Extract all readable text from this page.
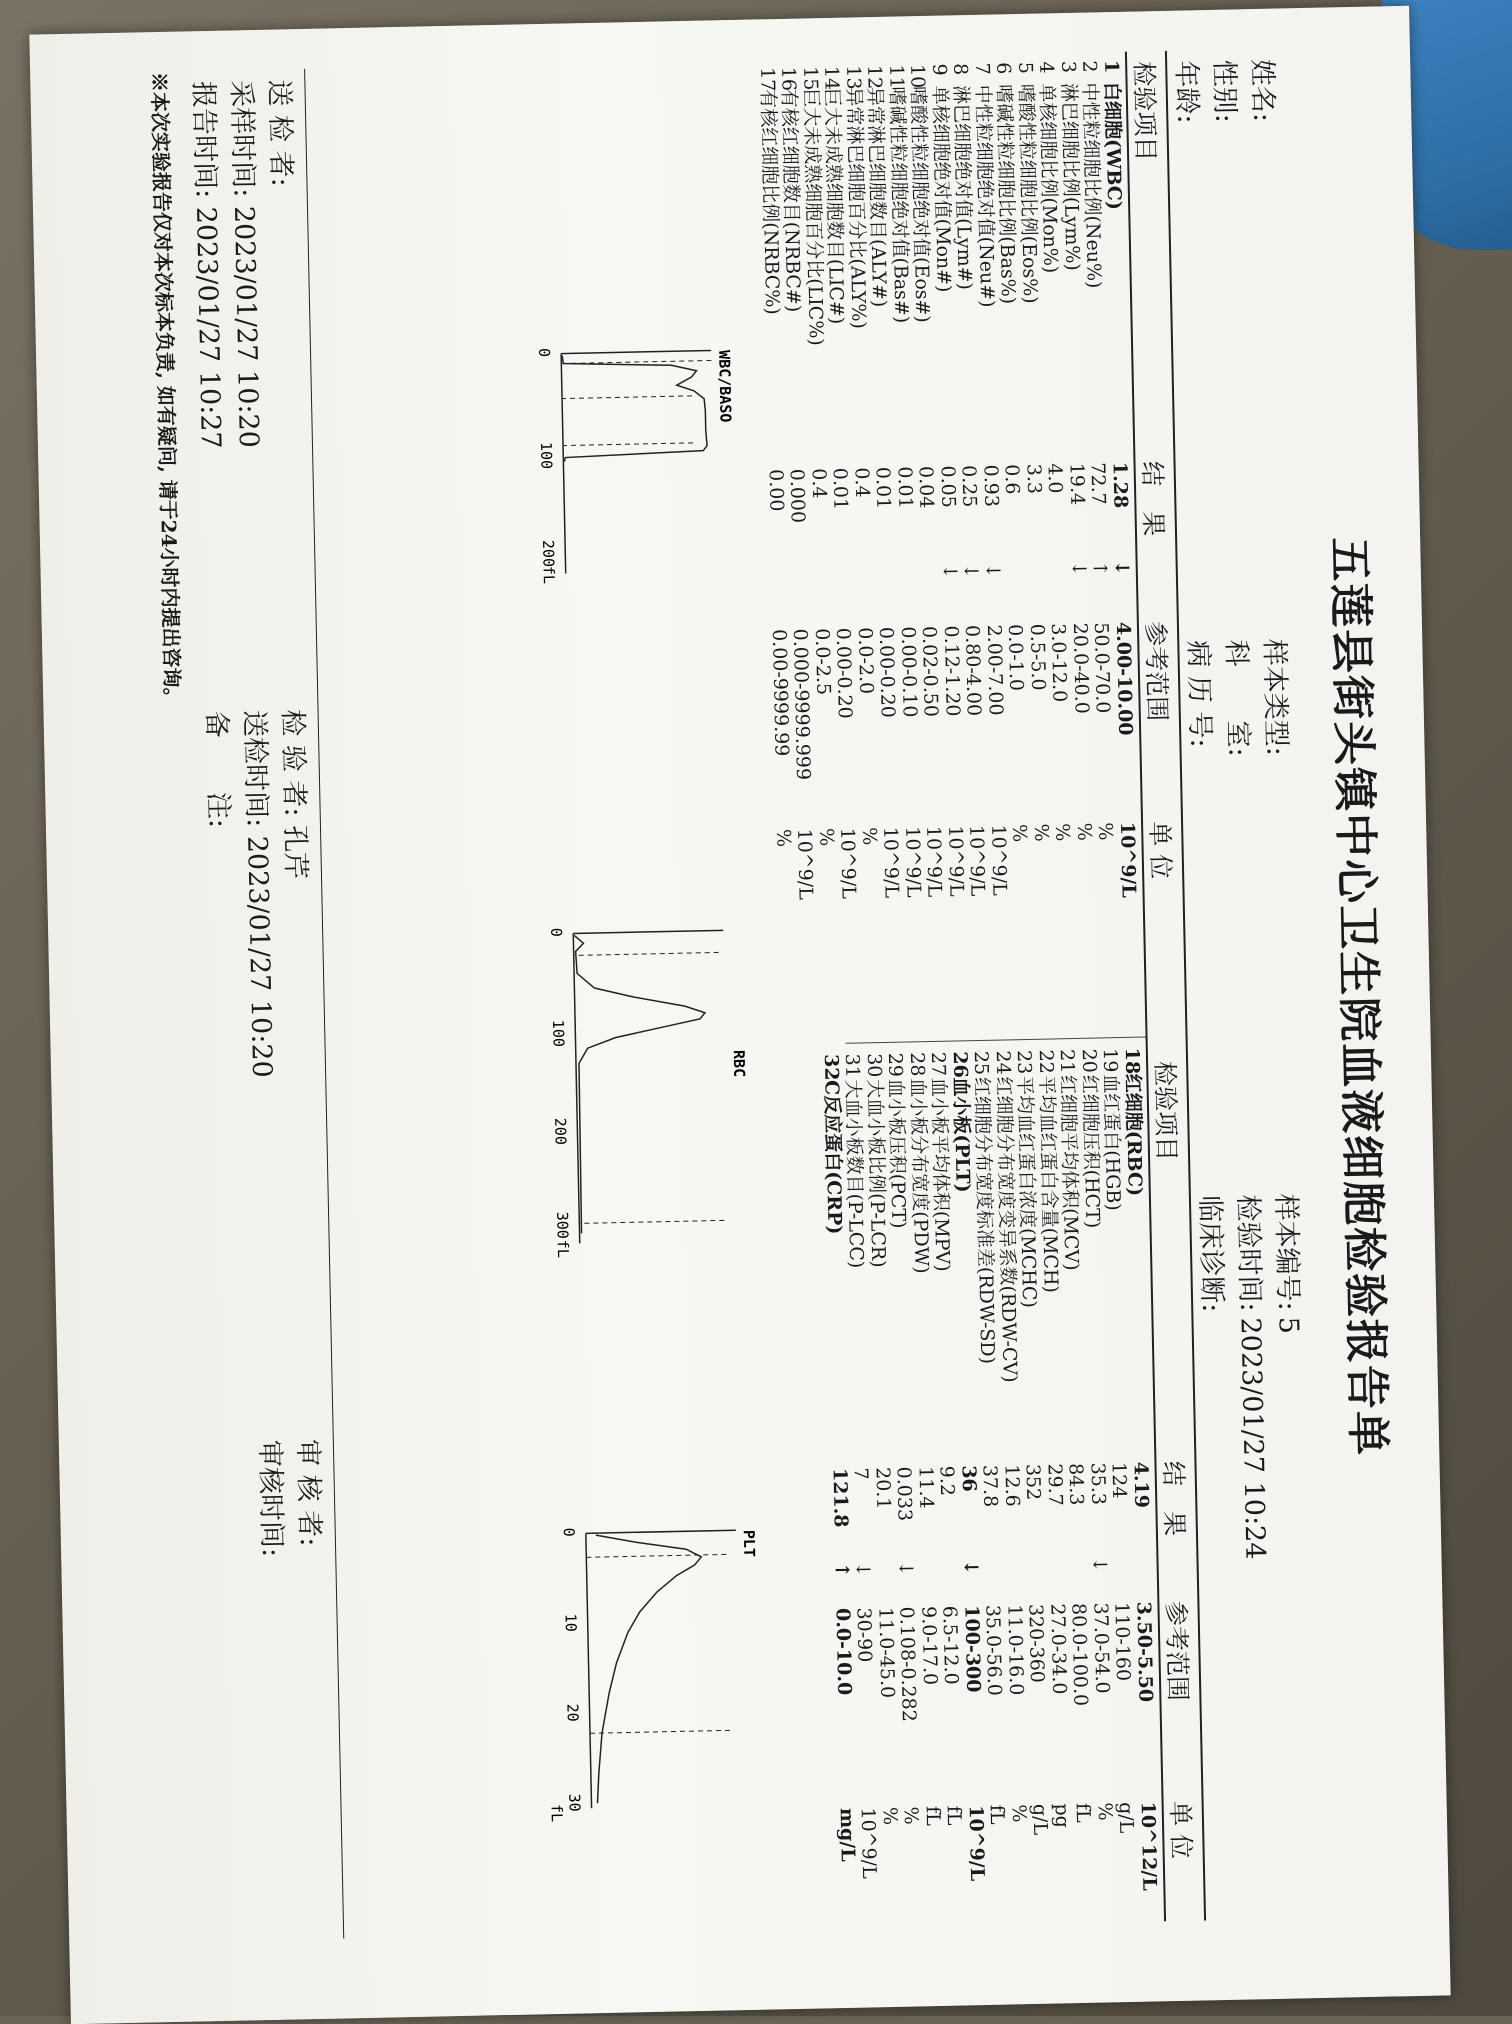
五莲县街头镇中心卫生院血液细胞检验报告单
姓名:
性别:
年龄:
样本类型:
科　　室:
病 历 号:
样本编号:5
检验时间:2023/01/27 10:24
临床诊断:
检验项目
结　果
参考范围
单 位
检验项目
结　果
参考范围
单 位
1
白细胞(WBC)
1.28
↓
4.00-10.00
10^9/L
2
中性粒细胞比例(Neu%)
72.7
↑
50.0-70.0
%
3
淋巴细胞比例(Lym%)
19.4
↓
20.0-40.0
%
4
单核细胞比例(Mon%)
4.0
3.0-12.0
%
5
嗜酸性粒细胞比例(Eos%)
3.3
0.5-5.0
%
6
嗜碱性粒细胞比例(Bas%)
0.6
0.0-1.0
%
7
中性粒细胞绝对值(Neu#)
0.93
↓
2.00-7.00
10^9/L
8
淋巴细胞绝对值(Lym#)
0.25
↓
0.80-4.00
10^9/L
9
单核细胞绝对值(Mon#)
0.05
↓
0.12-1.20
10^9/L
10
嗜酸性粒细胞绝对值(Eos#)
0.04
0.02-0.50
10^9/L
11
嗜碱性粒细胞绝对值(Bas#)
0.01
0.00-0.10
10^9/L
12
异常淋巴细胞数目(ALY#)
0.01
0.00-0.20
10^9/L
13
异常淋巴细胞百分比(ALY%)
0.4
0.0-2.0
%
14
巨大未成熟细胞数目(LIC#)
0.01
0.00-0.20
10^9/L
15
巨大未成熟细胞百分比(LIC%)
0.4
0.0-2.5
%
16
有核红细胞数目(NRBC#)
0.000
0.000-9999.999
10^9/L
17
有核红细胞比例(NRBC%)
0.00
0.00-9999.99
%
18
红细胞(RBC)
4.19
3.50-5.50
10^12/L
19
血红蛋白(HGB)
124
110-160
g/L
20
红细胞压积(HCT)
35.3
↓
37.0-54.0
%
21
红细胞平均体积(MCV)
84.3
80.0-100.0
fL
22
平均血红蛋白含量(MCH)
29.7
27.0-34.0
pg
23
平均血红蛋白浓度(MCHC)
352
320-360
g/L
24
红细胞分布宽度变异系数(RDW-CV)
12.6
11.0-16.0
%
25
红细胞分布宽度标准差(RDW-SD)
37.8
35.0-56.0
fL
26
血小板(PLT)
36
↓
100-300
10^9/L
27
血小板平均体积(MPV)
9.2
6.5-12.0
fL
28
血小板分布宽度(PDW)
11.4
9.0-17.0
fL
29
血小板压积(PCT)
0.033
↓
0.108-0.282
%
30
大血小板比例(P-LCR)
20.1
11.0-45.0
%
31
大血小板数目(P-LCC)
7
↓
30-90
10^9/L
32
C反应蛋白(CRP)
121.8
↑
0.0-10.0
mg/L
WBC/BASO
0
100
200
fL
RBC
0
100
200
300
fL
PLT
0
10
20
30
fL
送 检 者:
采样时间: 2023/01/27 10:20
报告时间: 2023/01/27 10:27
检 验 者: 孔芹
送检时间: 2023/01/27 10:20
备　　注:
审 核 者:
审核时间:
※本次实验报告仅对本次标本负责, 如有疑问, 请于24小时内提出咨询。
